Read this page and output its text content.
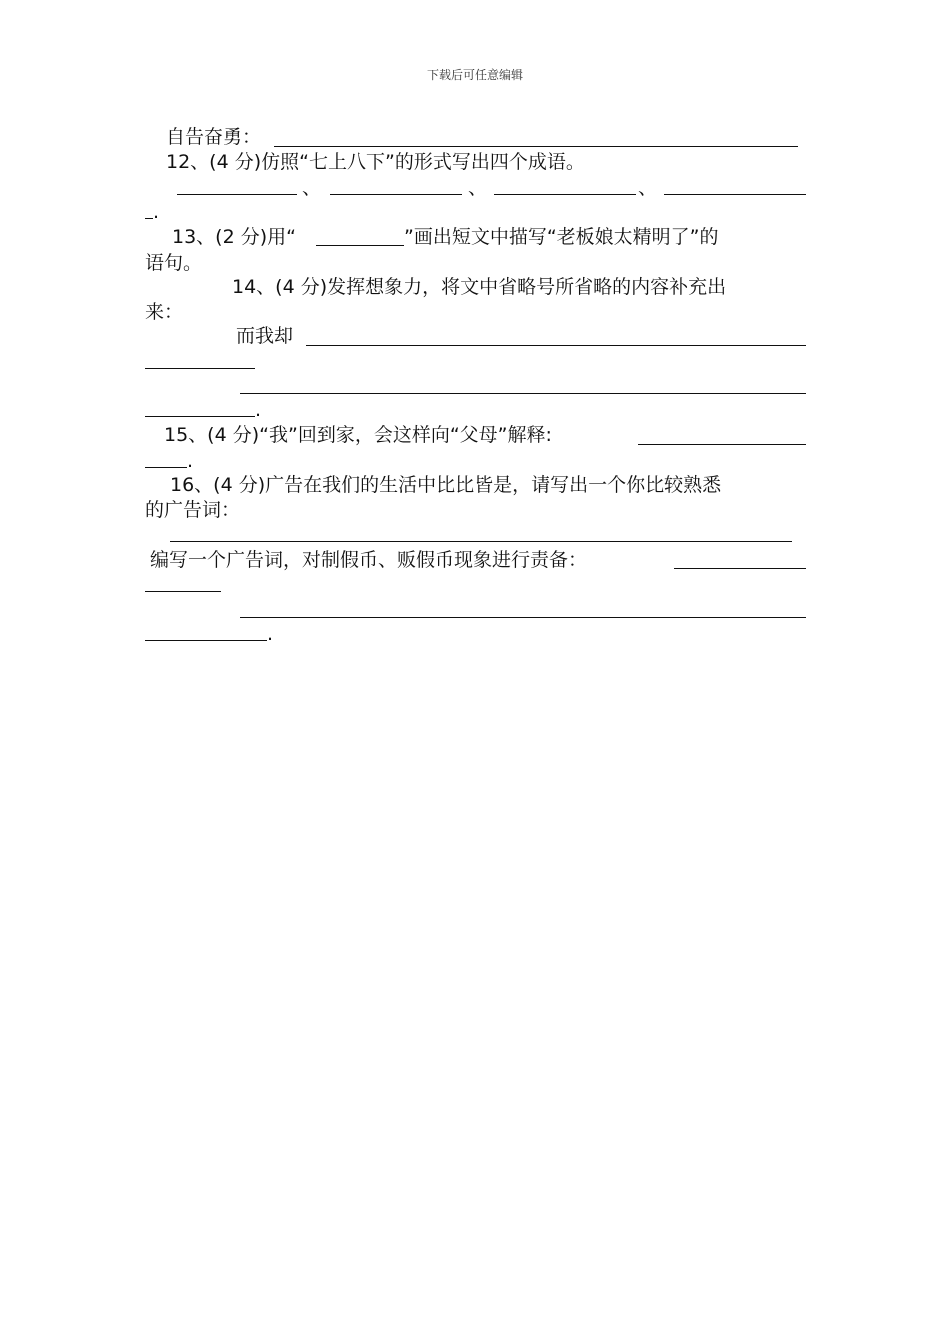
下载后可任意编辑
自告奋勇：
12、(4 分)仿照“七上八下”的形式写出四个成语。
、	、	、
.
13、(2 分)用“	”画出短文中描写“老板娘太精明了”的
语句。
14、(4 分)发挥想象力，将文中省略号所省略的内容补充出
来：
而我却
.
15、(4 分)“我”回到家，会这样向“父母”解释:
.
16、(4 分)广告在我们的生活中比比皆是，请写出一个你比较熟悉
的广告词：
编写一个广告词，对制假币、贩假币现象进行责备：
.
